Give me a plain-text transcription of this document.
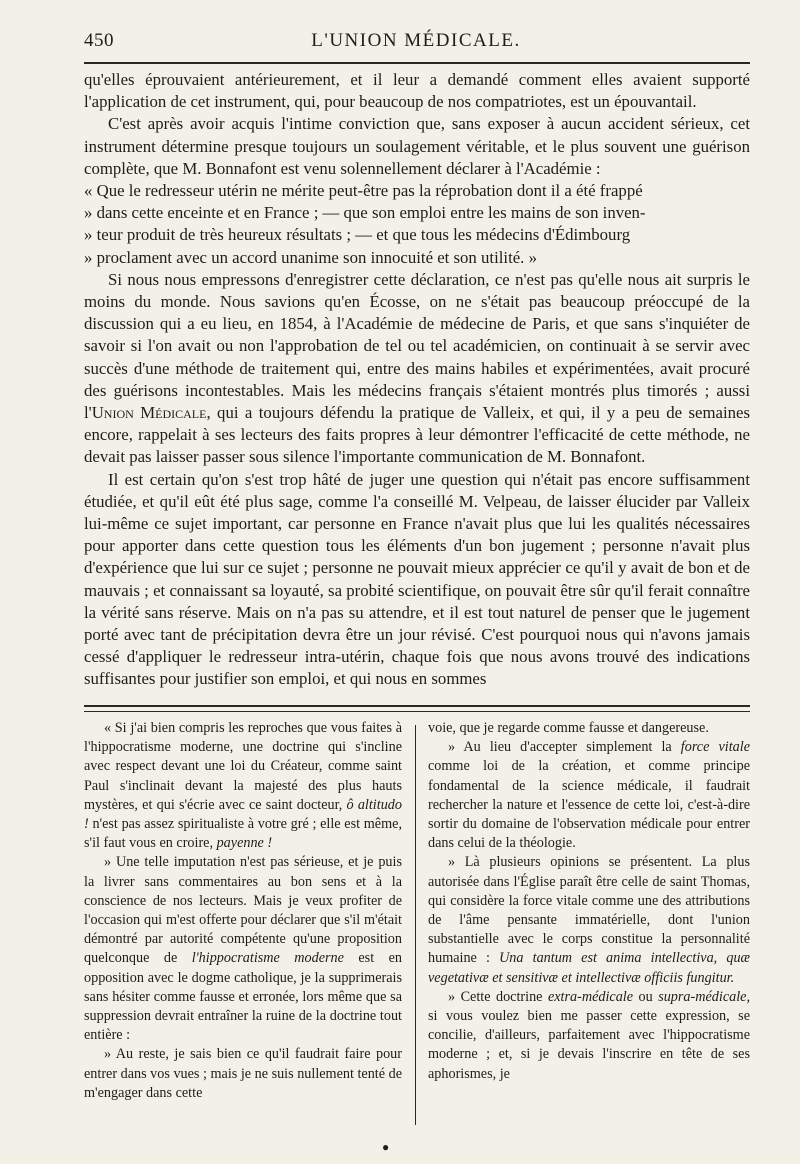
450	L'UNION MÉDICALE.

qu'elles éprouvaient antérieurement, et il leur a demandé comment elles avaient supporté l'application de cet instrument, qui, pour beaucoup de nos compatriotes, est un épouvantail.

C'est après avoir acquis l'intime conviction que, sans exposer à aucun accident sérieux, cet instrument détermine presque toujours un soulagement véritable, et le plus souvent une guérison complète, que M. Bonnafont est venu solennellement déclarer à l'Académie :

« Que le redresseur utérin ne mérite peut-être pas la réprobation dont il a été frappé

» dans cette enceinte et en France ; — que son emploi entre les mains de son inven-

» teur produit de très heureux résultats ; — et que tous les médecins d'Édimbourg

» proclament avec un accord unanime son innocuité et son utilité. »

Si nous nous empressons d'enregistrer cette déclaration, ce n'est pas qu'elle nous ait surpris le moins du monde. Nous savions qu'en Écosse, on ne s'était pas beaucoup préoccupé de la discussion qui a eu lieu, en 1854, à l'Académie de médecine de Paris, et que sans s'inquiéter de savoir si l'on avait ou non l'approbation de tel ou tel académicien, on continuait à se servir avec succès d'une méthode de traitement qui, entre des mains habiles et expérimentées, avait procuré des guérisons incontestables. Mais les médecins français s'étaient montrés plus timorés ; aussi l'Union Médicale, qui a toujours défendu la pratique de Valleix, et qui, il y a peu de semaines encore, rappelait à ses lecteurs des faits propres à leur démontrer l'efficacité de cette méthode, ne devait pas laisser passer sous silence l'importante communication de M. Bonnafont.

Il est certain qu'on s'est trop hâté de juger une question qui n'était pas encore suffisamment étudiée, et qu'il eût été plus sage, comme l'a conseillé M. Velpeau, de laisser élucider par Valleix lui-même ce sujet important, car personne en France n'avait plus que lui les qualités nécessaires pour apporter dans cette question tous les éléments d'un bon jugement ; personne n'avait plus d'expérience que lui sur ce sujet ; personne ne pouvait mieux apprécier ce qu'il y avait de bon et de mauvais ; et connaissant sa loyauté, sa probité scientifique, on pouvait être sûr qu'il ferait connaître la vérité sans réserve. Mais on n'a pas su attendre, et il est tout naturel de penser que le jugement porté avec tant de précipitation devra être un jour révisé. C'est pourquoi nous qui n'avons jamais cessé d'appliquer le redresseur intra-utérin, chaque fois que nous avons trouvé des indications suffisantes pour justifier son emploi, et qui nous en sommes

« Si j'ai bien compris les reproches que vous faites à l'hippocratisme moderne, une doctrine qui s'incline avec respect devant une loi du Créateur, comme saint Paul s'inclinait devant la majesté des plus hauts mystères, et qui s'écrie avec ce saint docteur, ô altitudo ! n'est pas assez spiritualiste à votre gré ; elle est même, s'il faut vous en croire, payenne !

» Une telle imputation n'est pas sérieuse, et je puis la livrer sans commentaires au bon sens et à la conscience de nos lecteurs. Mais je veux profiter de l'occasion qui m'est offerte pour déclarer que s'il m'était démontré par autorité compétente qu'une proposition quelconque de l'hippocratisme moderne est en opposition avec le dogme catholique, je la supprimerais sans hésiter comme fausse et erronée, lors même que sa suppression devrait entraîner la ruine de la doctrine tout entière :

» Au reste, je sais bien ce qu'il faudrait faire pour entrer dans vos vues ; mais je ne suis nullement tenté de m'engager dans cette

voie, que je regarde comme fausse et dangereuse.

» Au lieu d'accepter simplement la force vitale comme loi de la création, et comme principe fondamental de la science médicale, il faudrait rechercher la nature et l'essence de cette loi, c'est-à-dire sortir du domaine de l'observation médicale pour entrer dans celui de la théologie.

» Là plusieurs opinions se présentent. La plus autorisée dans l'Église paraît être celle de saint Thomas, qui considère la force vitale comme une des attributions de l'âme pensante immatérielle, dont l'union substantielle avec le corps constitue la personnalité humaine : Una tantum est anima intellectiva, quæ vegetativæ et sensitivæ et intellectivæ officiis fungitur.

» Cette doctrine extra-médicale ou supra-médicale, si vous voulez bien me passer cette expression, se concilie, d'ailleurs, parfaitement avec l'hippocratisme moderne ; et, si je devais l'inscrire en tête de ses aphorismes, je

●
